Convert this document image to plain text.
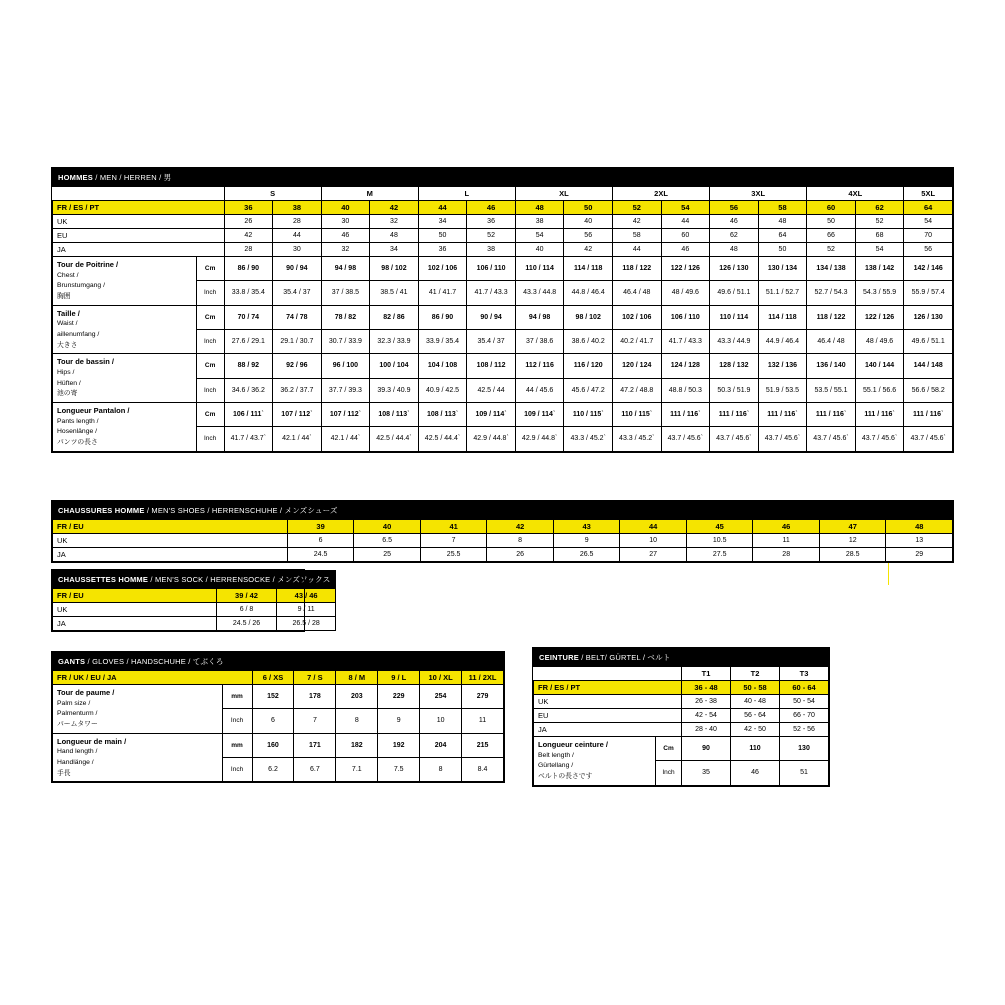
HOMMES / MEN / HERREN / 男																
		S		M		L		XL		2XL		3XL		4XL		5XL
FR / ES / PT		36	38	40	42	44	46	48	50	52	54	56	58	60	62	64
UK		26	28	30	32	34	36	38	40	42	44	46	48	50	52	54
EU		42	44	46	48	50	52	54	56	58	60	62	64	66	68	70
JA		28	30	32	34	36	38	40	42	44	46	48	50	52	54	56
Tour de Poitrine /
Chest /
Brunstumgang /
胸囲	Cm	86 / 90	90 / 94	94 / 98	98 / 102	102 / 106	106 / 110	110 / 114	114 / 118	118 / 122	122 / 126	126 / 130	130 / 134	134 / 138	138 / 142	142 / 146
	Inch	33.8 / 35.4	35.4 / 37	37 / 38.5	38.5 / 41	41 / 41.7	41.7 / 43.3	43.3 / 44.8	44.8 / 46.4	46.4 / 48	48 / 49.6	49.6 / 51.1	51.1 / 52.7	52.7 / 54.3	54.3 / 55.9	55.9 / 57.4
Taille /
Waist /
aillenumfang /
大きさ	Cm	70 / 74	74 / 78	78 / 82	82 / 86	86 / 90	90 / 94	94 / 98	98 / 102	102 / 106	106 / 110	110 / 114	114 / 118	118 / 122	122 / 126	126 / 130
	Inch	27.6 / 29.1	29.1 / 30.7	30.7 / 33.9	32.3 / 33.9	33.9 / 35.4	35.4 / 37	37 / 38.6	38.6 / 40.2	40.2 / 41.7	41.7 / 43.3	43.3 / 44.9	44.9 / 46.4	46.4 / 48	48 / 49.6	49.6 / 51.1
Tour de bassin /
Hips /
Hüften /
池の寄	Cm	88 / 92	92 / 96	96 / 100	100 / 104	104 / 108	108 / 112	112 / 116	116 / 120	120 / 124	124 / 128	128 / 132	132 / 136	136 / 140	140 / 144	144 / 148
	Inch	34.6 / 36.2	36.2 / 37.7	37.7 / 39.3	39.3 / 40.9	40.9 / 42.5	42.5 / 44	44 / 45.6	45.6 / 47.2	47.2 / 48.8	48.8 / 50.3	50.3 / 51.9	51.9 / 53.5	53.5 / 55.1	55.1 / 56.6	56.6 / 58.2
Longueur Pantalon /
Pants length /
Hosenlänge /
パンツの長さ	Cm	106 / 111ˋ	107 / 112ˋ	107 / 112ˋ	108 / 113ˋ	108 / 113ˋ	109 / 114ˋ	109 / 114ˋ	110 / 115ˋ	110 / 115ˋ	111 / 116ˋ	111 / 116ˋ	111 / 116ˋ	111 / 116ˋ	111 / 116ˋ	111 / 116ˋ
	Inch	41.7 / 43.7ˋ	42.1 / 44ˋ	42.1 / 44ˋ	42.5 / 44.4ˋ	42.5 / 44.4ˋ	42.9 / 44.8ˋ	42.9 / 44.8ˋ	43.3 / 45.2ˋ	43.3 / 45.2ˋ	43.7 / 45.6ˋ	43.7 / 45.6ˋ	43.7 / 45.6ˋ	43.7 / 45.6ˋ	43.7 / 45.6ˋ	43.7 / 45.6ˋ
CHAUSSURES HOMME / MEN'S SHOES / HERRENSCHUHE / メンズシューズ										
FR / EU	39	40	41	42	43	44	45	46	47	48
UK	6	6.5	7	8	9	10	10.5	11	12	13
JA	24.5	25	25.5	26	26.5	27	27.5	28	28.5	29
CHAUSSETTES HOMME / MEN'S SOCK / HERRENSOCKE / メンズソックス		
FR / EU	39 / 42	43 / 46
UK	6 / 8	9 / 11
JA	24.5 / 26	26.5 / 28
GANTS / GLOVES / HANDSCHUHE / てぶくろ							
FR / UK / EU / JA		6 / XS	7 / S	8 / M	9 / L	10 / XL	11 / 2XL
Tour de paume /
Palm size /
Palmenturm /
パームタワー	mm	152	178	203	229	254	279
	Inch	6	7	8	9	10	11
Longueur de main /
Hand length /
Handlänge /
手長	mm	160	171	182	192	204	215
	Inch	6.2	6.7	7.1	7.5	8	8.4
CEINTURE / BELT/ GÜRTEL / ベルト				
		T1	T2	T3
FR / ES / PT		36 - 48	50 - 58	60 - 64
UK		26 - 38	40 - 48	50 - 54
EU		42 - 54	56 - 64	66 - 70
JA		28 - 40	42 - 50	52 - 56
Longueur ceinture /
Belt length /
Gürtellang /
ベルトの長さです	Cm	90	110	130
	Inch	35	46	51
